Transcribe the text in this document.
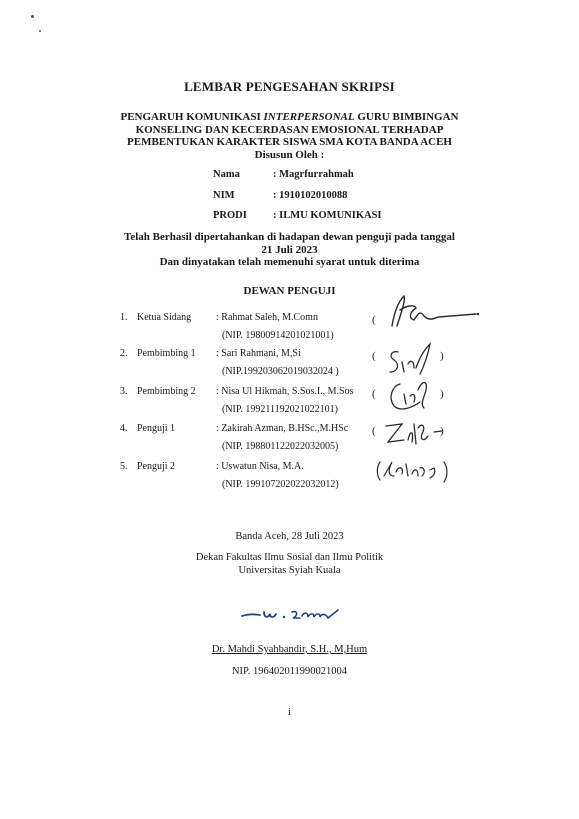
LEMBAR PENGESAHAN SKRIPSI
PENGARUH KOMUNIKASI INTERPERSONAL GURU BIMBINGAN
KONSELING DAN KECERDASAN EMOSIONAL TERHADAP
PEMBENTUKAN KARAKTER SISWA SMA KOTA BANDA ACEH
Disusun Oleh :
Nama	: Magrfurrahmah
NIM	: 1910102010088
PRODI : ILMU KOMUNIKASI
Telah Berhasil dipertahankan di hadapan dewan penguji pada tanggal
21 Juli 2023
Dan dinyatakan telah memenuhi syarat untuk diterima
DEWAN PENGUJI
1. Ketua Sidang : Rahmat Saleh, M.Comn
(NIP. 19800914201021001)
(
2. Pembimbing 1 : Sari Rahmani, M,Si
(NIP.19920306201903202​4 )
(	)
3. Pembimbing 2 : Nisa Ul Hikmah, S.Sos.I., M.Sos
(NIP. 199211192021022101)
(	)
4. Penguji 1	: Zakirah Azman, B.HSc.,M.HSc
(NIP. 198801122022032005)
(	)
5. Penguji 2	: Uswatun Nisa, M.A.
(NIP. 199107202022032012)
Banda Aceh, 28 Juli 2023
Dekan Fakultas Ilmu Sosial dan Ilmu Politik
Universitas Syiah Kuala
Dr. Mahdi Syahbandir, S.H., M,Hum
NIP. 196402011990021004
i
